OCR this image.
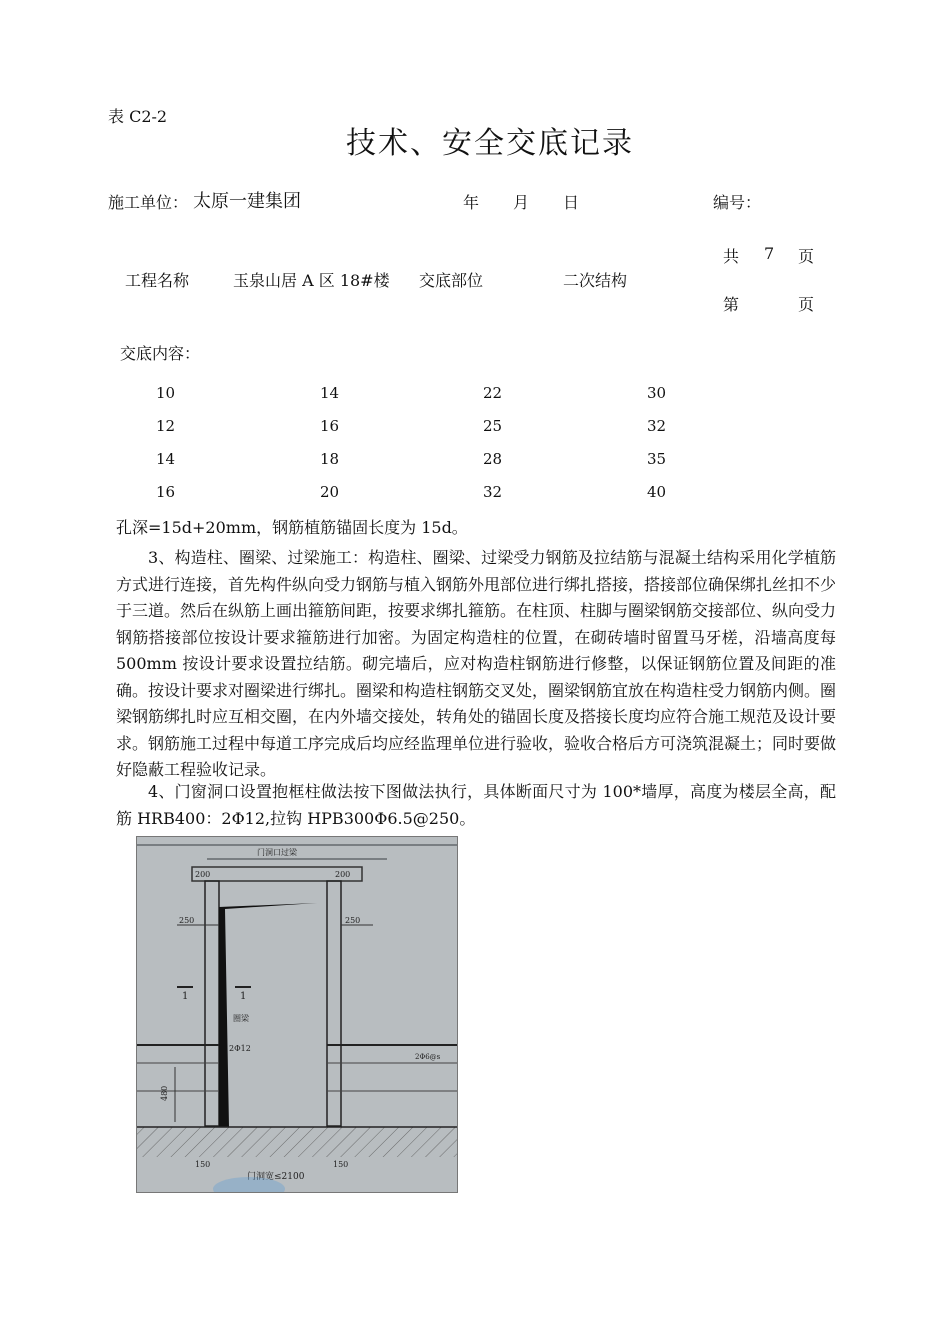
表 C2-2
技术、安全交底记录
施工单位： 太原一建集团	年 月 日	编号：
工程名称	玉泉山居 A 区 18#楼 交底部位	二次结构
共 7 页
第	页
交底内容：
10	14	22	30
12	16	25	32
14	18	28	35
16	20	32	40
孔深=15d+20mm，钢筋植筋锚固长度为 15d。
3、构造柱、圈梁、过梁施工：构造柱、圈梁、过梁受力钢筋及拉结筋与混凝土结构采用化学植筋方式进行连接，首先构件纵向受力钢筋与植入钢筋外甩部位进行绑扎搭接，搭接部位确保绑扎丝扣不少于三道。然后在纵筋上画出箍筋间距，按要求绑扎箍筋。在柱顶、柱脚与圈梁钢筋交接部位、纵向受力钢筋搭接部位按设计要求箍筋进行加密。为固定构造柱的位置，在砌砖墙时留置马牙槎，沿墙高度每 500mm 按设计要求设置拉结筋。砌完墙后，应对构造柱钢筋进行修整，以保证钢筋位置及间距的准确。按设计要求对圈梁进行绑扎。圈梁和构造柱钢筋交叉处，圈梁钢筋宜放在构造柱受力钢筋内侧。圈梁钢筋绑扎时应互相交圈，在内外墙交接处，转角处的锚固长度及搭接长度均应符合施工规范及设计要求。钢筋施工过程中每道工序完成后均应经监理单位进行验收，验收合格后方可浇筑混凝土；同时要做好隐蔽工程验收记录。
4、门窗洞口设置抱框柱做法按下图做法执行，具体断面尺寸为 100*墙厚，高度为楼层全高，配筋 HRB400：2Φ12,拉钩 HPB300Φ6.5@250。
门洞口过梁
200	200
250	250
1	1
圈梁
2Φ12
2Φ6@s
480
150	150
门洞宽≤2100
